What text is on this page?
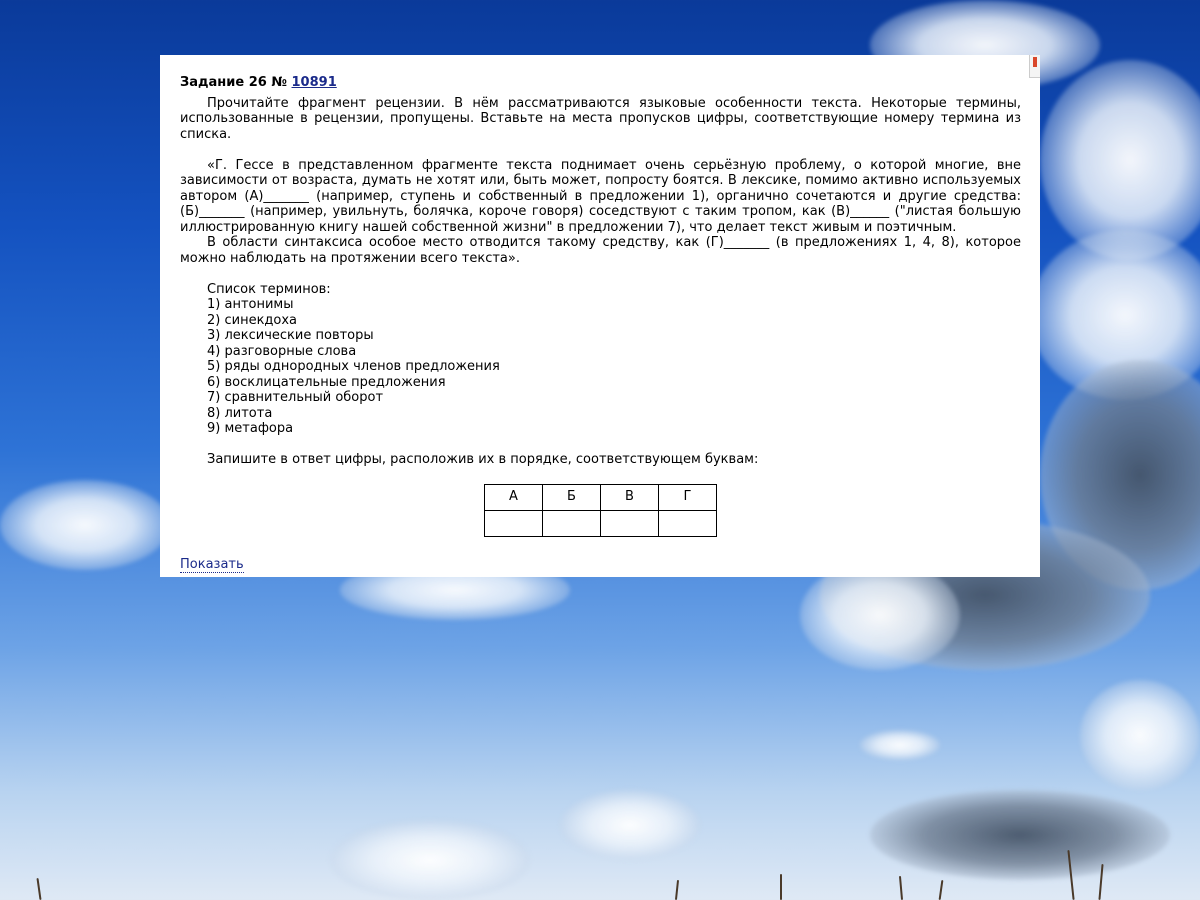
Задание 26 № 10891

Прочитайте фрагмент рецензии. В нём рассматриваются языковые особенности текста. Некоторые термины, использованные в рецензии, пропущены. Вставьте на места пропусков цифры, соответствующие номеру термина из списка.

«Г. Гессе в представленном фрагменте текста поднимает очень серьёзную проблему, о которой многие, вне зависимости от возраста, думать не хотят или, быть может, попросту боятся. В лексике, помимо активно используемых автором (А)_______ (например, ступень и собственный в предложении 1), органично сочетаются и другие средства: (Б)_______ (например, увильнуть, болячка, короче говоря) соседствуют с таким тропом, как (В)______ ("листая большую иллюстрированную книгу нашей собственной жизни" в предложении 7), что делает текст живым и поэтичным.

В области синтаксиса особое место отводится такому средству, как (Г)_______ (в предложениях 1, 4, 8), которое можно наблюдать на протяжении всего текста».

Список терминов:
1) антонимы
2) синекдоха
3) лексические повторы
4) разговорные слова
5) ряды однородных членов предложения
6) восклицательные предложения
7) сравнительный оборот
8) литота
9) метафора

Запишите в ответ цифры, расположив их в порядке, соответствующем буквам:

А	Б	В	Г

Показать
